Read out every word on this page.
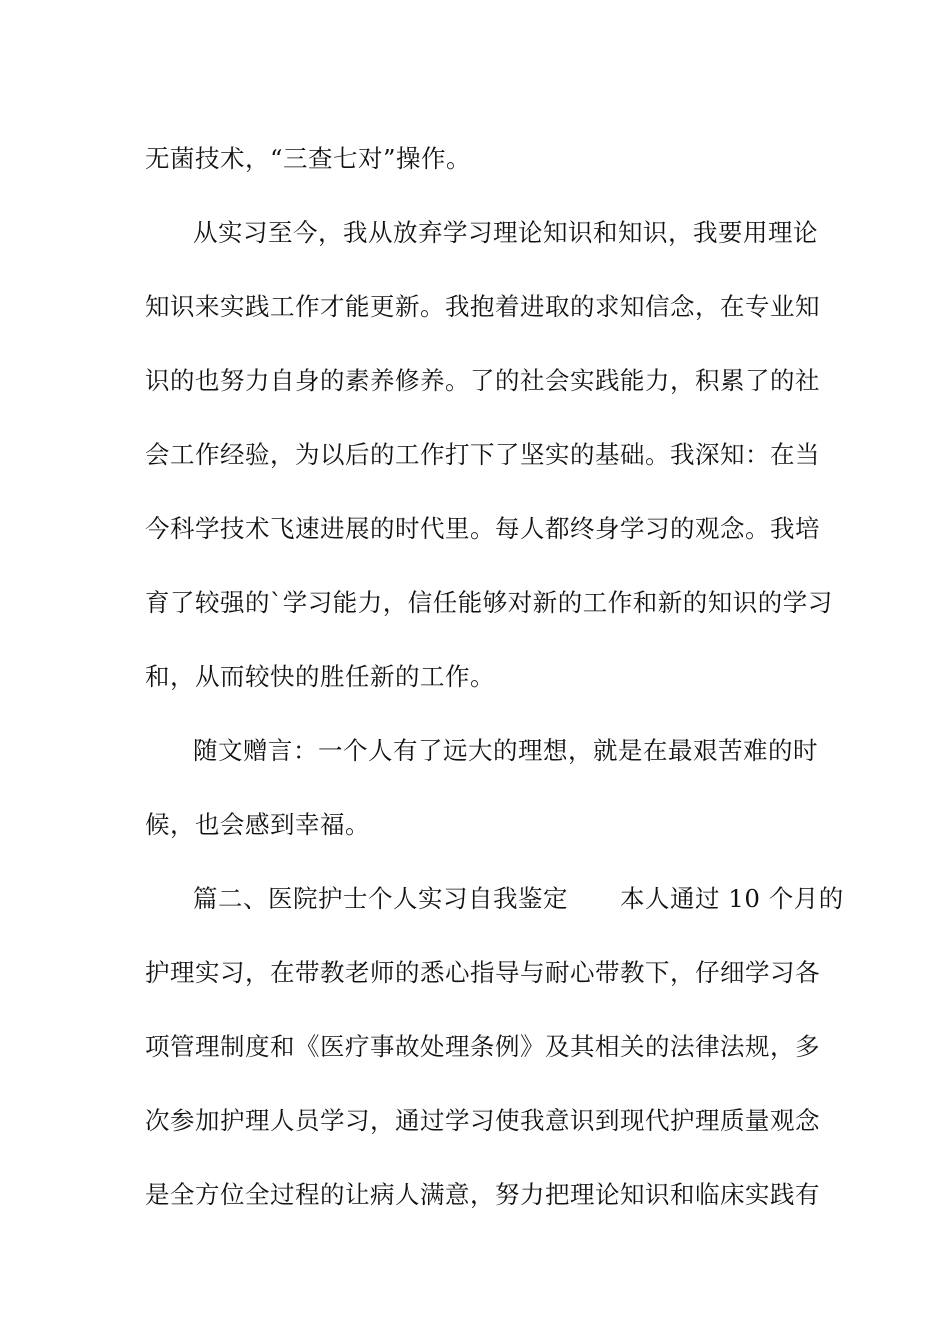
无菌技术，“三查七对”操作。
从实习至今，我从放弃学习理论知识和知识，我要用理论
知识来实践工作才能更新。我抱着进取的求知信念，在专业知
识的也努力自身的素养修养。了的社会实践能力，积累了的社
会工作经验，为以后的工作打下了坚实的基础。我深知：在当
今科学技术飞速进展的时代里。每人都终身学习的观念。我培
育了较强的`学习能力，信任能够对新的工作和新的知识的学习
和，从而较快的胜任新的工作。
随文赠言：一个人有了远大的理想，就是在最艰苦难的时
候，也会感到幸福。
篇二、医院护士个人实习自我鉴定 本人通过 10 个月的
护理实习，在带教老师的悉心指导与耐心带教下，仔细学习各
项管理制度和《医疗事故处理条例》及其相关的法律法规，多
次参加护理人员学习，通过学习使我意识到现代护理质量观念
是全方位全过程的让病人满意，努力把理论知识和临床实践有
